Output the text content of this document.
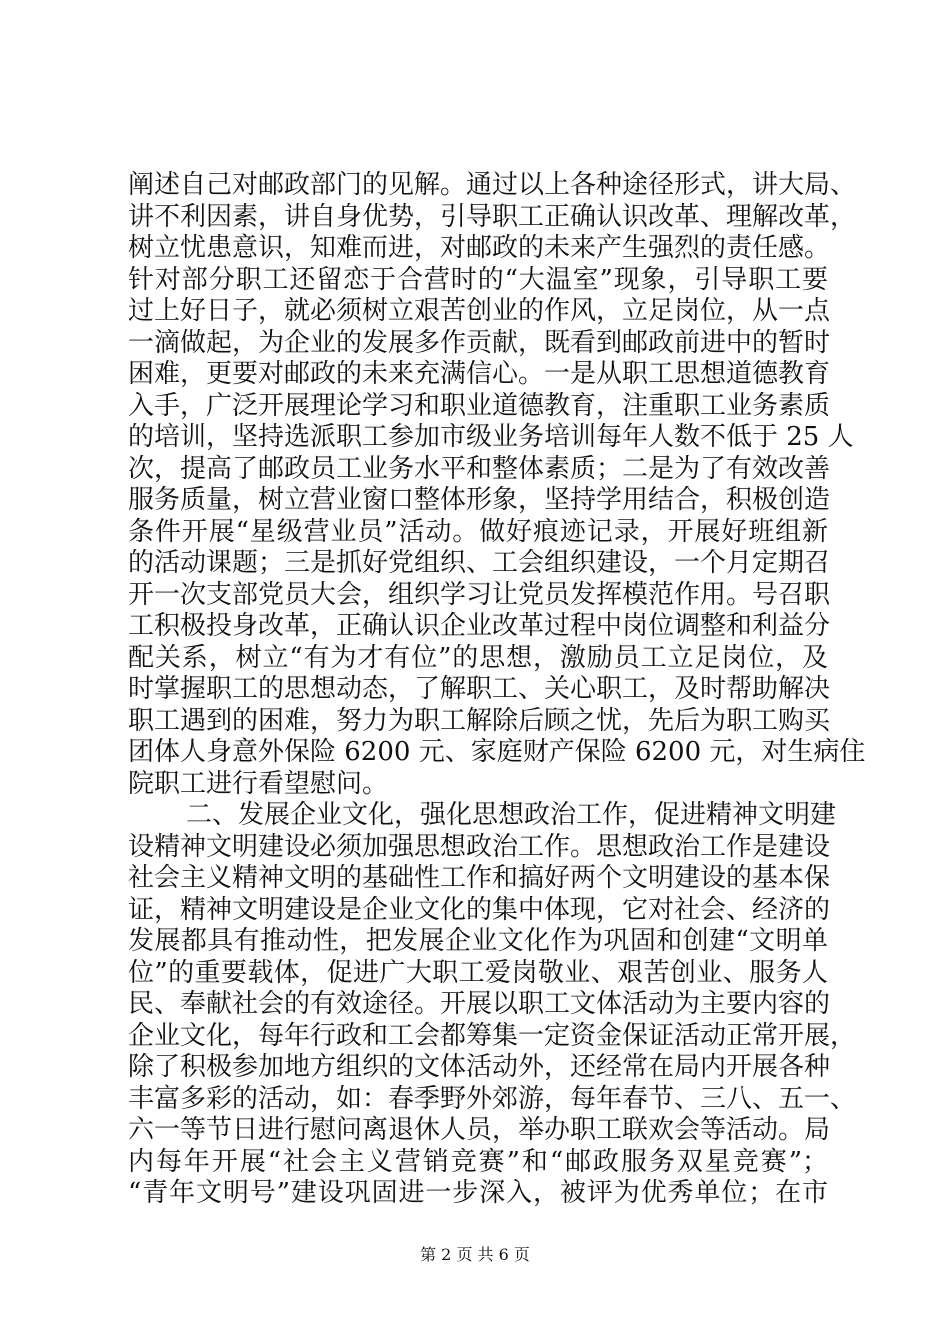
阐述自己对邮政部门的见解。通过以上各种途径形式，讲大局、
讲不利因素，讲自身优势，引导职工正确认识改革、理解改革，
树立忧患意识，知难而进，对邮政的未来产生强烈的责任感。
针对部分职工还留恋于合营时的“大温室”现象，引导职工要
过上好日子，就必须树立艰苦创业的作风，立足岗位，从一点
一滴做起，为企业的发展多作贡献，既看到邮政前进中的暂时
困难，更要对邮政的未来充满信心。一是从职工思想道德教育
入手，广泛开展理论学习和职业道德教育，注重职工业务素质
的培训，坚持选派职工参加市级业务培训每年人数不低于 25 人
次，提高了邮政员工业务水平和整体素质；二是为了有效改善
服务质量，树立营业窗口整体形象，坚持学用结合，积极创造
条件开展“星级营业员”活动。做好痕迹记录，开展好班组新
的活动课题；三是抓好党组织、工会组织建设，一个月定期召
开一次支部党员大会，组织学习让党员发挥模范作用。号召职
工积极投身改革，正确认识企业改革过程中岗位调整和利益分
配关系，树立“有为才有位”的思想，激励员工立足岗位，及
时掌握职工的思想动态，了解职工、关心职工，及时帮助解决
职工遇到的困难，努力为职工解除后顾之忧，先后为职工购买
团体人身意外保险 6200 元、家庭财产保险 6200 元，对生病住
院职工进行看望慰问。
二、发展企业文化，强化思想政治工作，促进精神文明建
设精神文明建设必须加强思想政治工作。思想政治工作是建设
社会主义精神文明的基础性工作和搞好两个文明建设的基本保
证，精神文明建设是企业文化的集中体现，它对社会、经济的
发展都具有推动性，把发展企业文化作为巩固和创建“文明单
位”的重要载体，促进广大职工爱岗敬业、艰苦创业、服务人
民、奉献社会的有效途径。开展以职工文体活动为主要内容的
企业文化，每年行政和工会都筹集一定资金保证活动正常开展，
除了积极参加地方组织的文体活动外，还经常在局内开展各种
丰富多彩的活动，如：春季野外郊游，每年春节、三八、五一、
六一等节日进行慰问离退休人员，举办职工联欢会等活动。局
内每年开展“社会主义营销竞赛”和“邮政服务双星竞赛”；
“青年文明号”建设巩固进一步深入，被评为优秀单位；在市
第 2 页 共 6 页
